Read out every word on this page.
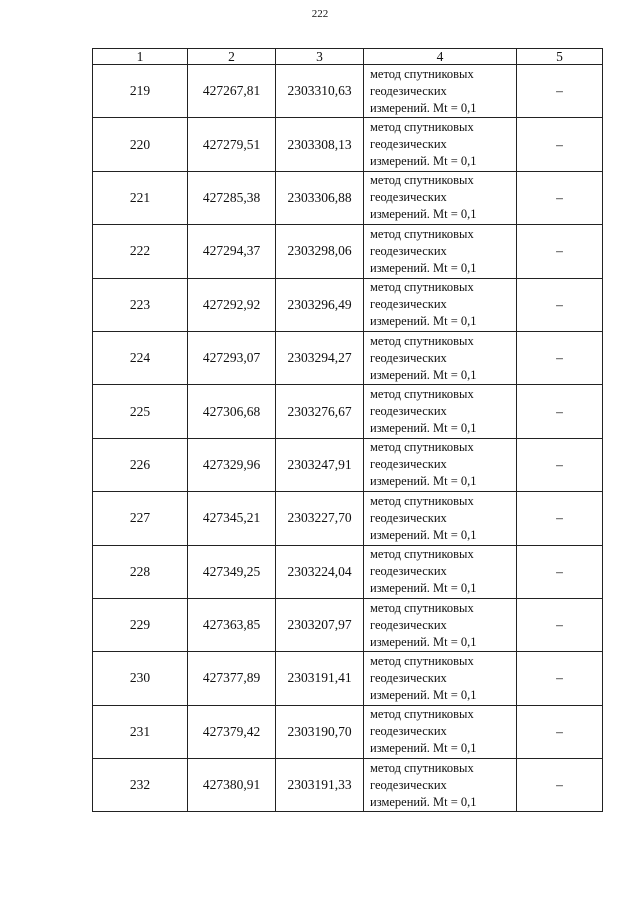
222
1	2	3	4	5
219	427267,81	2303310,63	метод спутниковых
геодезических
измерений. Mt = 0,1	–
220	427279,51	2303308,13	метод спутниковых
геодезических
измерений. Mt = 0,1	–
221	427285,38	2303306,88	метод спутниковых
геодезических
измерений. Mt = 0,1	–
222	427294,37	2303298,06	метод спутниковых
геодезических
измерений. Mt = 0,1	–
223	427292,92	2303296,49	метод спутниковых
геодезических
измерений. Mt = 0,1	–
224	427293,07	2303294,27	метод спутниковых
геодезических
измерений. Mt = 0,1	–
225	427306,68	2303276,67	метод спутниковых
геодезических
измерений. Mt = 0,1	–
226	427329,96	2303247,91	метод спутниковых
геодезических
измерений. Mt = 0,1	–
227	427345,21	2303227,70	метод спутниковых
геодезических
измерений. Mt = 0,1	–
228	427349,25	2303224,04	метод спутниковых
геодезических
измерений. Mt = 0,1	–
229	427363,85	2303207,97	метод спутниковых
геодезических
измерений. Mt = 0,1	–
230	427377,89	2303191,41	метод спутниковых
геодезических
измерений. Mt = 0,1	–
231	427379,42	2303190,70	метод спутниковых
геодезических
измерений. Mt = 0,1	–
232	427380,91	2303191,33	метод спутниковых
геодезических
измерений. Mt = 0,1	–
